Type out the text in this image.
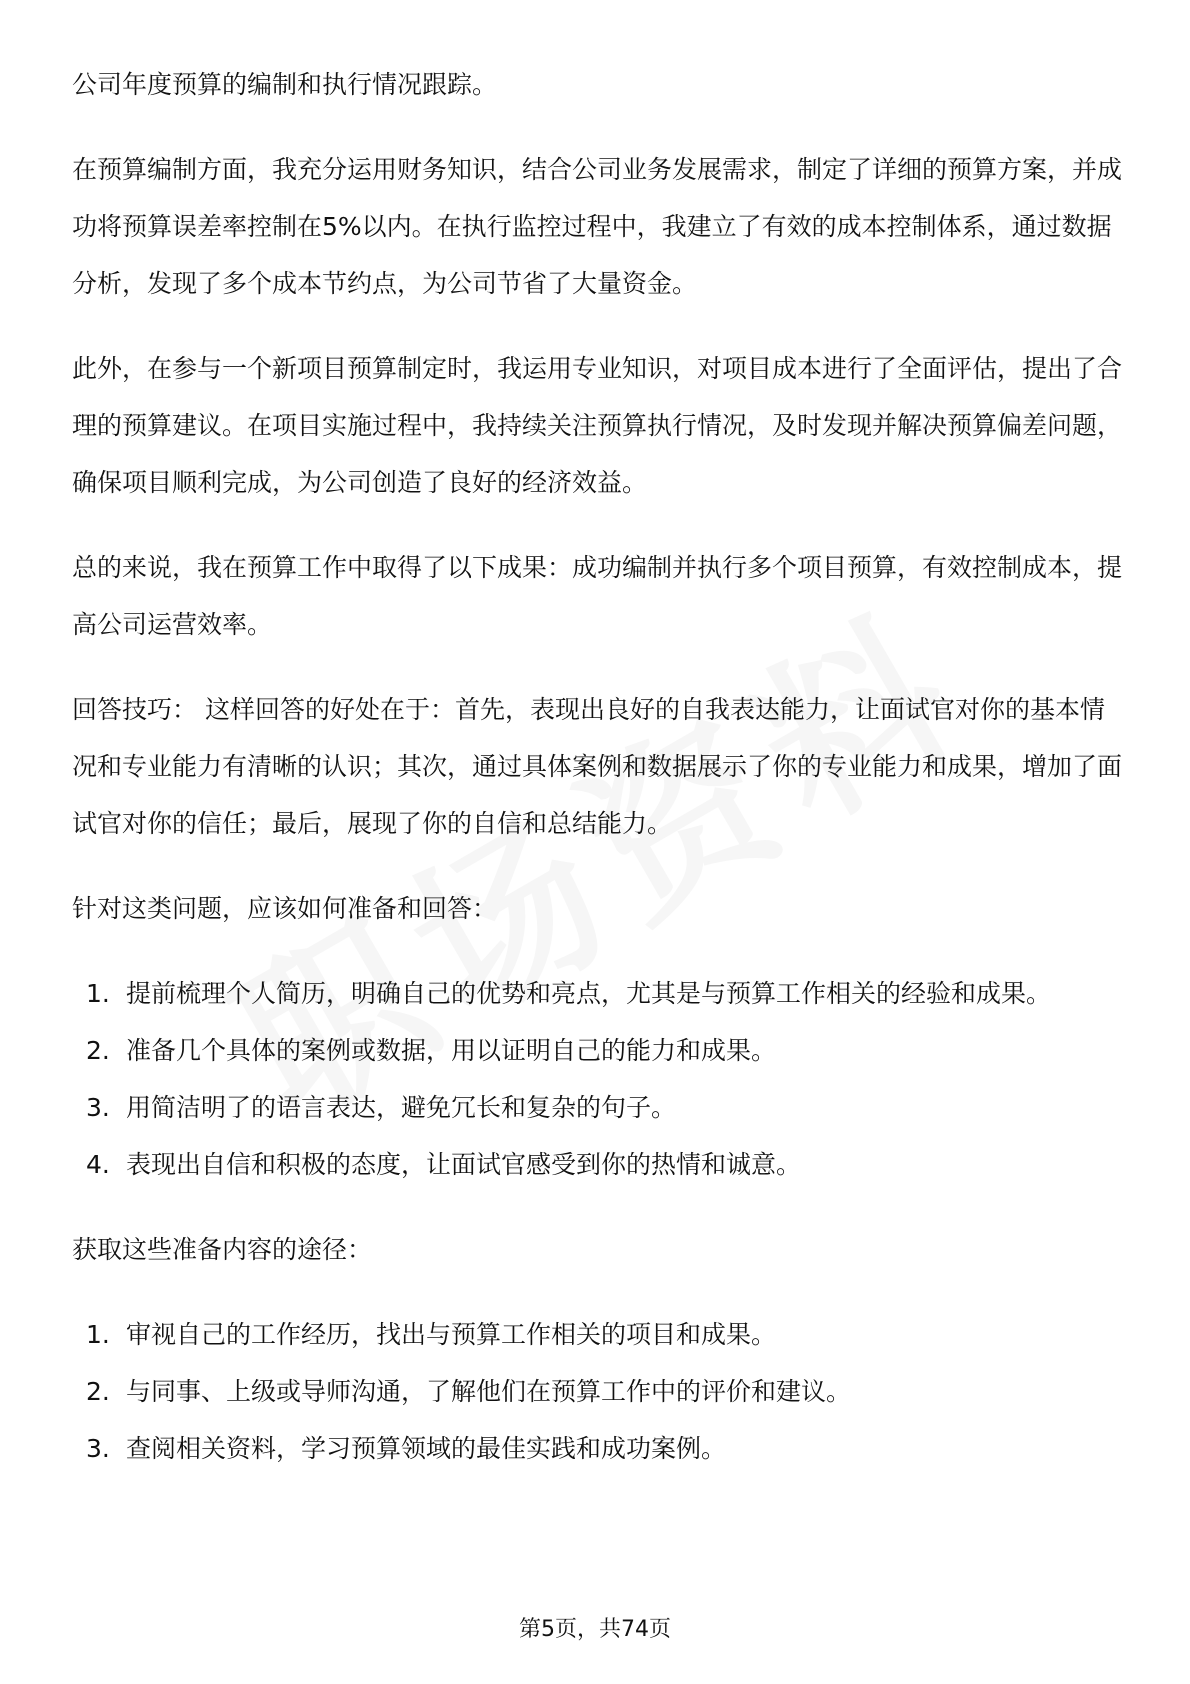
公司年度预算的编制和执行情况跟踪。

在预算编制方面，我充分运用财务知识，结合公司业务发展需求，制定了详细的预算方案，并成功将预算误差率控制在5%以内。在执行监控过程中，我建立了有效的成本控制体系，通过数据分析，发现了多个成本节约点，为公司节省了大量资金。

此外，在参与一个新项目预算制定时，我运用专业知识，对项目成本进行了全面评估，提出了合理的预算建议。在项目实施过程中，我持续关注预算执行情况，及时发现并解决预算偏差问题，确保项目顺利完成，为公司创造了良好的经济效益。

总的来说，我在预算工作中取得了以下成果：成功编制并执行多个项目预算，有效控制成本，提高公司运营效率。

回答技巧： 这样回答的好处在于：首先，表现出良好的自我表达能力，让面试官对你的基本情况和专业能力有清晰的认识；其次，通过具体案例和数据展示了你的专业能力和成果，增加了面试官对你的信任；最后，展现了你的自信和总结能力。

针对这类问题，应该如何准备和回答：

1. 提前梳理个人简历，明确自己的优势和亮点，尤其是与预算工作相关的经验和成果。
2. 准备几个具体的案例或数据，用以证明自己的能力和成果。
3. 用简洁明了的语言表达，避免冗长和复杂的句子。
4. 表现出自信和积极的态度，让面试官感受到你的热情和诚意。

获取这些准备内容的途径：

1. 审视自己的工作经历，找出与预算工作相关的项目和成果。
2. 与同事、上级或导师沟通，了解他们在预算工作中的评价和建议。
3. 查阅相关资料，学习预算领域的最佳实践和成功案例。
第5页，共74页
